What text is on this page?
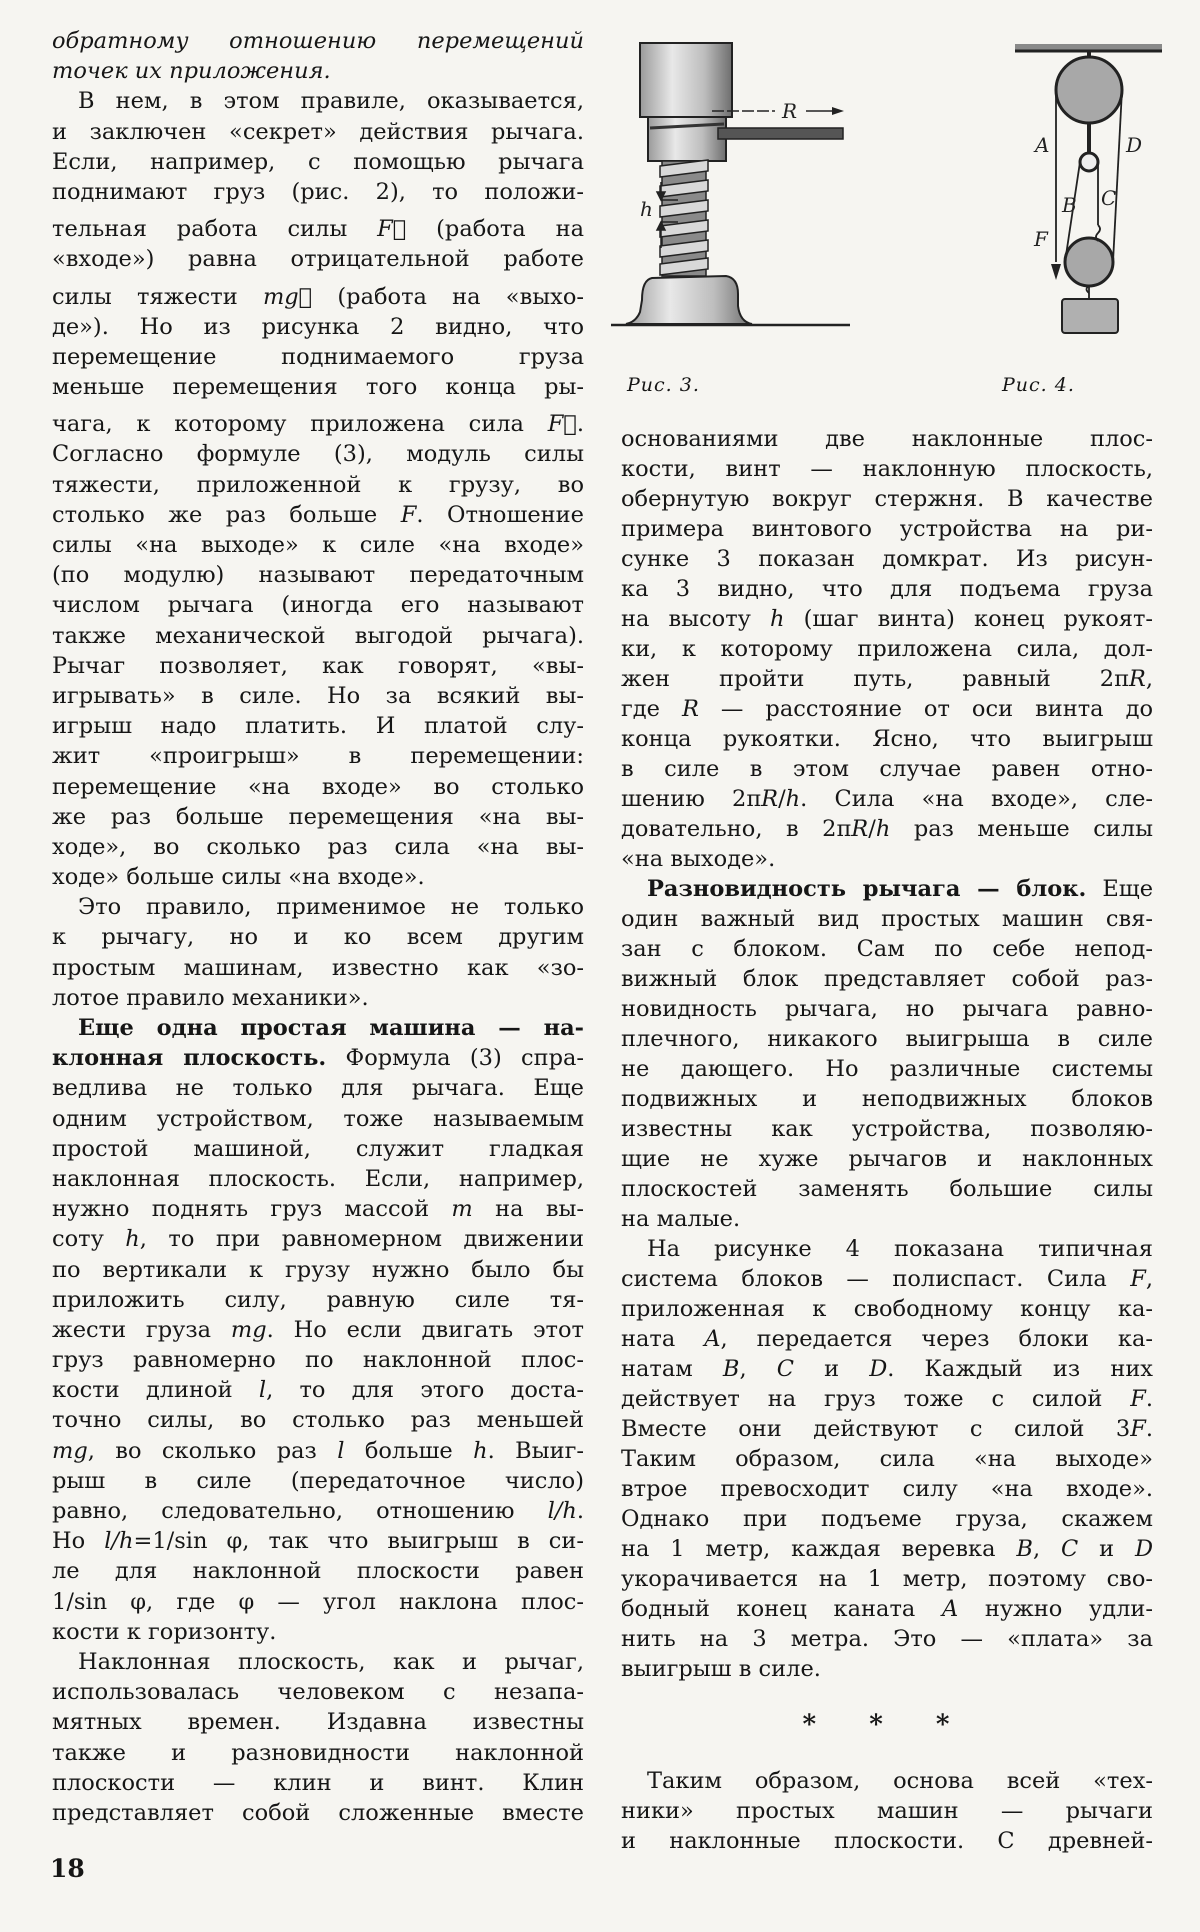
обратному отношению перемещений
точек их приложения.
В нем, в этом правиле, оказывается,
и заключен «секрет» действия рычага.
Если, например, с помощью рычага
поднимают груз (рис. 2), то положи-
тельная работа силы F⃗ (работа на
«входе») равна отрицательной работе
силы тяжести mg⃗ (работа на «выхо-
де»). Но из рисунка 2 видно, что
перемещение поднимаемого груза
меньше перемещения того конца ры-
чага, к которому приложена сила F⃗.
Согласно формуле (3), модуль силы
тяжести, приложенной к грузу, во
столько же раз больше F. Отношение
силы «на выходе» к силе «на входе»
(по модулю) называют передаточным
числом рычага (иногда его называют
также механической выгодой рычага).
Рычаг позволяет, как говорят, «вы-
игрывать» в силе. Но за всякий вы-
игрыш надо платить. И платой слу-
жит «проигрыш» в перемещении:
перемещение «на входе» во столько
же раз больше перемещения «на вы-
ходе», во сколько раз сила «на вы-
ходе» больше силы «на входе».
Это правило, применимое не только
к рычагу, но и ко всем другим
простым машинам, известно как «зо-
лотое правило механики».
Еще одна простая машина — на-
клонная плоскость. Формула (3) спра-
ведлива не только для рычага. Еще
одним устройством, тоже называемым
простой машиной, служит гладкая
наклонная плоскость. Если, например,
нужно поднять груз массой m на вы-
соту h, то при равномерном движении
по вертикали к грузу нужно было бы
приложить силу, равную силе тя-
жести груза mg. Но если двигать этот
груз равномерно по наклонной плос-
кости длиной l, то для этого доста-
точно силы, во столько раз меньшей
mg, во сколько раз l больше h. Выиг-
рыш в силе (передаточное число)
равно, следовательно, отношению l/h.
Но l/h=1/sin φ, так что выигрыш в си-
ле для наклонной плоскости равен
1/sin φ, где φ — угол наклона плос-
кости к горизонту.
Наклонная плоскость, как и рычаг,
использовалась человеком с незапа-
мятных времен. Издавна известны
также и разновидности наклонной
плоскости — клин и винт. Клин
представляет собой сложенные вместе
основаниями две наклонные плос-
кости, винт — наклонную плоскость,
обернутую вокруг стержня. В качестве
примера винтового устройства на ри-
сунке 3 показан домкрат. Из рисун-
ка 3 видно, что для подъема груза
на высоту h (шаг винта) конец рукоят-
ки, к которому приложена сила, дол-
жен пройти путь, равный 2πR,
где R — расстояние от оси винта до
конца рукоятки. Ясно, что выигрыш
в силе в этом случае равен отно-
шению 2πR/h. Сила «на входе», сле-
довательно, в 2πR/h раз меньше силы
«на выходе».
Разновидность рычага — блок. Еще
один важный вид простых машин свя-
зан с блоком. Сам по себе непод-
вижный блок представляет собой раз-
новидность рычага, но рычага равно-
плечного, никакого выигрыша в силе
не дающего. Но различные системы
подвижных и неподвижных блоков
известны как устройства, позволяю-
щие не хуже рычагов и наклонных
плоскостей заменять большие силы
на малые.
На рисунке 4 показана типичная
система блоков — полиспаст. Сила F,
приложенная к свободному концу ка-
ната A, передается через блоки ка-
натам B, C и D. Каждый из них
действует на груз тоже с силой F.
Вместе они действуют с силой 3F.
Таким образом, сила «на выходе»
втрое превосходит силу «на входе».
Однако при подъеме груза, скажем
на 1 метр, каждая веревка B, C и D
укорачивается на 1 метр, поэтому сво-
бодный конец каната A нужно удли-
нить на 3 метра. Это — «плата» за
выигрыш в силе.
* * *
Таким образом, основа всей «тех-
ники» простых машин — рычаги
и наклонные плоскости. С древней-
R
h
A
B C
D
F
Рис. 3.	Рис. 4.
18
